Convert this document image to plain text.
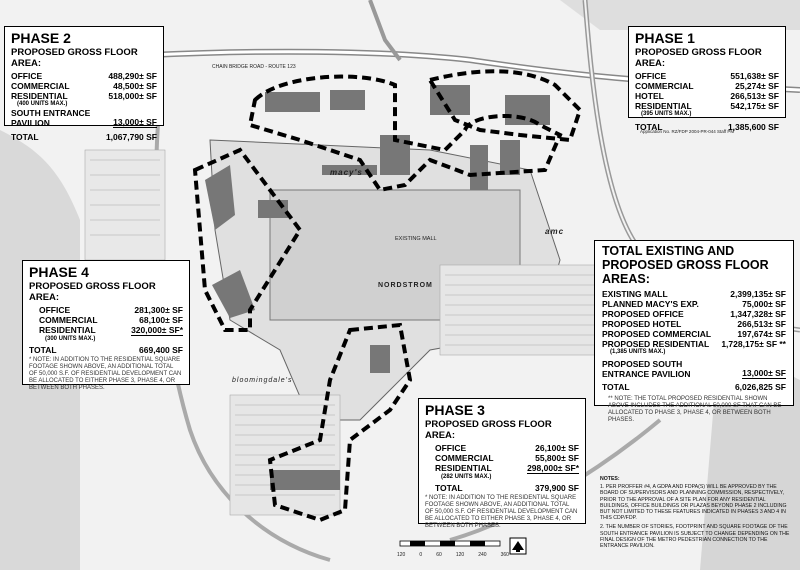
macy's
NORDSTROM
bloomingdale's
amc
EXISTING MALL
CHAIN BRIDGE ROAD - ROUTE 123
Application No. RZ/FDP 2004-PR-044 Staff PM
120	0	60	120	240	360
PHASE 2
PROPOSED GROSS FLOOR AREA:
OFFICE	488,290± SF
COMMERCIAL	48,500± SF
RESIDENTIAL	518,000± SF
(400 UNITS MAX.)
SOUTH ENTRANCE PAVILION	13,000± SF
TOTAL	1,067,790 SF
PHASE 1
PROPOSED GROSS FLOOR AREA:
OFFICE	551,638± SF
COMMERCIAL	25,274± SF
HOTEL	266,513± SF
RESIDENTIAL	542,175± SF
(395 UNITS MAX.)
TOTAL	1,385,600 SF
PHASE 4
PROPOSED GROSS FLOOR AREA:
OFFICE	281,300± SF
COMMERCIAL	68,100± SF
RESIDENTIAL	320,000± SF*
(300 UNITS MAX.)
TOTAL	669,400 SF
* NOTE: IN ADDITION TO THE RESIDENTIAL SQUARE FOOTAGE SHOWN ABOVE, AN ADDITIONAL TOTAL OF 50,000 S.F. OF RESIDENTIAL DEVELOPMENT CAN BE ALLOCATED TO EITHER PHASE 3, PHASE 4, OR BETWEEN BOTH PHASES.
PHASE 3
PROPOSED GROSS FLOOR AREA:
OFFICE	26,100± SF
COMMERCIAL	55,800± SF
RESIDENTIAL	298,000± SF*
(282 UNITS MAX.)
TOTAL	379,900 SF
* NOTE: IN ADDITION TO THE RESIDENTIAL SQUARE FOOTAGE SHOWN ABOVE, AN ADDITIONAL TOTAL OF 50,000 S.F. OF RESIDENTIAL DEVELOPMENT CAN BE ALLOCATED TO EITHER PHASE 3, PHASE 4, OR BETWEEN BOTH PHASES.
TOTAL EXISTING AND PROPOSED GROSS FLOOR AREAS:
EXISTING MALL	2,399,135± SF
PLANNED MACY'S EXP.	75,000± SF
PROPOSED OFFICE	1,347,328± SF
PROPOSED HOTEL	266,513± SF
PROPOSED COMMERCIAL	197,674± SF
PROPOSED RESIDENTIAL 1,728,175± SF **
(1,385 UNITS MAX.)
PROPOSED SOUTH ENTRANCE PAVILION	13,000± SF
TOTAL	6,026,825 SF
** NOTE: THE TOTAL PROPOSED RESIDENTIAL SHOWN ABOVE INCLUDES THE ADDITIONAL 50,000 SF THAT CAN BE ALLOCATED TO PHASE 3, PHASE 4, OR BETWEEN BOTH PHASES.
NOTES:
1. PER PROFFER #4, A GDPA AND FDPA(S) WILL BE APPROVED BY THE BOARD OF SUPERVISORS AND PLANNING COMMISSION, RESPECTIVELY, PRIOR TO THE APPROVAL OF A SITE PLAN FOR ANY RESIDENTIAL BUILDINGS, OFFICE BUILDINGS OR PLAZAS BEYOND PHASE 2 INCLUDING BUT NOT LIMITED TO THESE FEATURES INDICATED IN PHASES 3 AND 4 IN THIS CDP/FDP.
2. THE NUMBER OF STORIES, FOOTPRINT AND SQUARE FOOTAGE OF THE SOUTH ENTRANCE PAVILION IS SUBJECT TO CHANGE DEPENDING ON THE FINAL DESIGN OF THE METRO PEDESTRIAN CONNECTION TO THE ENTRANCE PAVILION.
